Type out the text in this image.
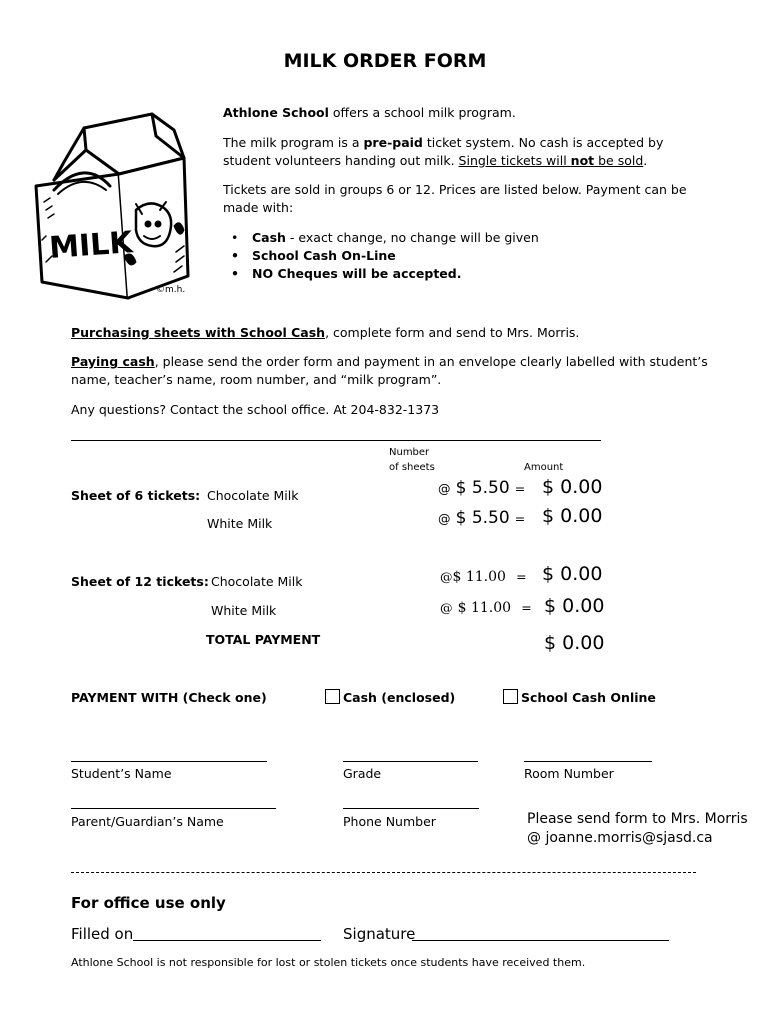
MILK ORDER FORM
MILK
©m.h.
Athlone School offers a school milk program.
The milk program is a pre-paid ticket system. No cash is accepted by student volunteers handing out milk. Single tickets will not be sold.
Tickets are sold in groups 6 or 12. Prices are listed below. Payment can be made with:
• Cash - exact change, no change will be given
• School Cash On-Line
• NO Cheques will be accepted.
Purchasing sheets with School Cash, complete form and send to Mrs. Morris.
Paying cash, please send the order form and payment in an envelope clearly labelled with student’s name, teacher’s name, room number, and “milk program”.
Any questions? Contact the school office. At 204-832-1373
Number
of sheets	Amount
Sheet of 6 tickets: Chocolate Milk	@ $ 5.50 = $ 0.00
White Milk	@ $ 5.50 = $ 0.00
Sheet of 12 tickets: Chocolate Milk	@$ 11.00 = $ 0.00
White Milk	@ $ 11.00 = $ 0.00
TOTAL PAYMENT	$ 0.00
PAYMENT WITH (Check one)	Cash (enclosed)	School Cash Online
Student’s Name	Grade	Room Number
Parent/Guardian’s Name	Phone Number	Please send form to Mrs. Morris
@ joanne.morris@sjasd.ca
For office use only
Filled on	Signature
Athlone School is not responsible for lost or stolen tickets once students have received them.
